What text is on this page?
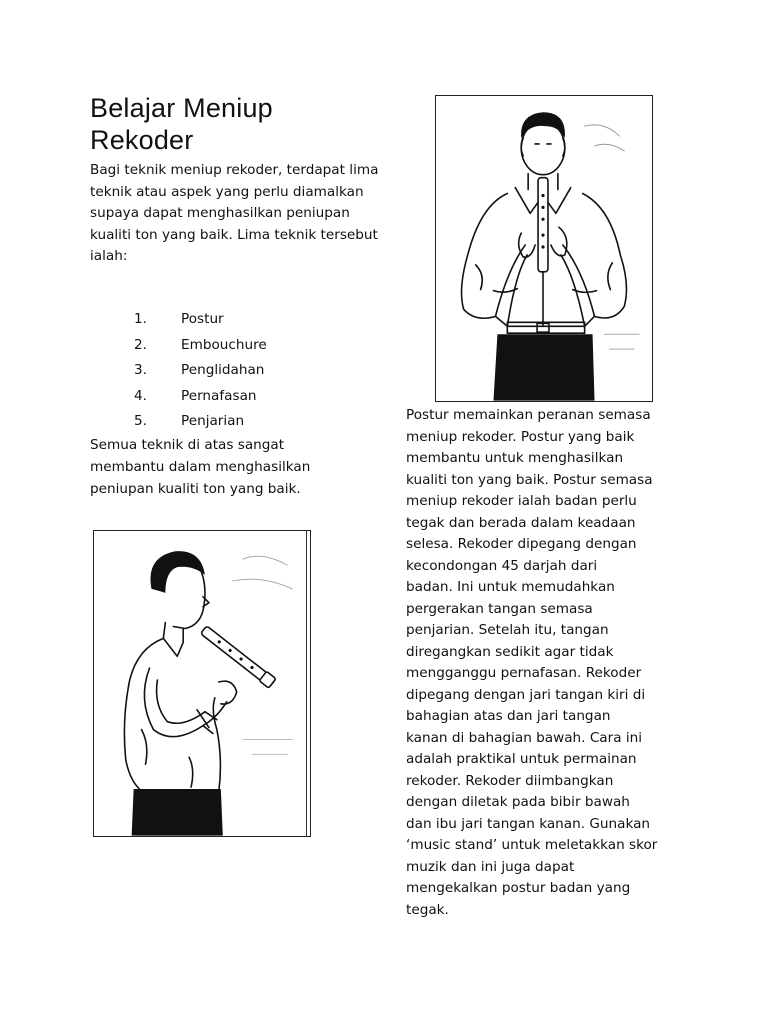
Belajar Meniup
Rekoder

Bagi teknik meniup rekoder, terdapat lima teknik atau aspek yang perlu diamalkan supaya dapat menghasilkan peniupan kualiti ton yang baik. Lima teknik tersebut ialah:

1.	Postur
2.	Embouchure
3.	Penglidahan
4.	Pernafasan
5.	Penjarian

Semua teknik di atas sangat membantu dalam menghasilkan peniupan kualiti ton yang baik.

Postur memainkan peranan semasa
meniup rekoder. Postur yang baik
membantu untuk menghasilkan
kualiti ton yang baik. Postur semasa
meniup rekoder ialah badan perlu
tegak dan berada dalam keadaan
selesa. Rekoder dipegang dengan
kecondongan 45 darjah dari
badan. Ini untuk memudahkan
pergerakan tangan semasa
penjarian. Setelah itu, tangan
diregangkan sedikit agar tidak
mengganggu pernafasan. Rekoder
dipegang dengan jari tangan kiri di
bahagian atas dan jari tangan
kanan di bahagian bawah. Cara ini
adalah praktikal untuk permainan
rekoder. Rekoder diimbangkan
dengan diletak pada bibir bawah
dan ibu jari tangan kanan. Gunakan
‘music stand’ untuk meletakkan skor
muzik dan ini juga dapat
mengekalkan postur badan yang
tegak.
